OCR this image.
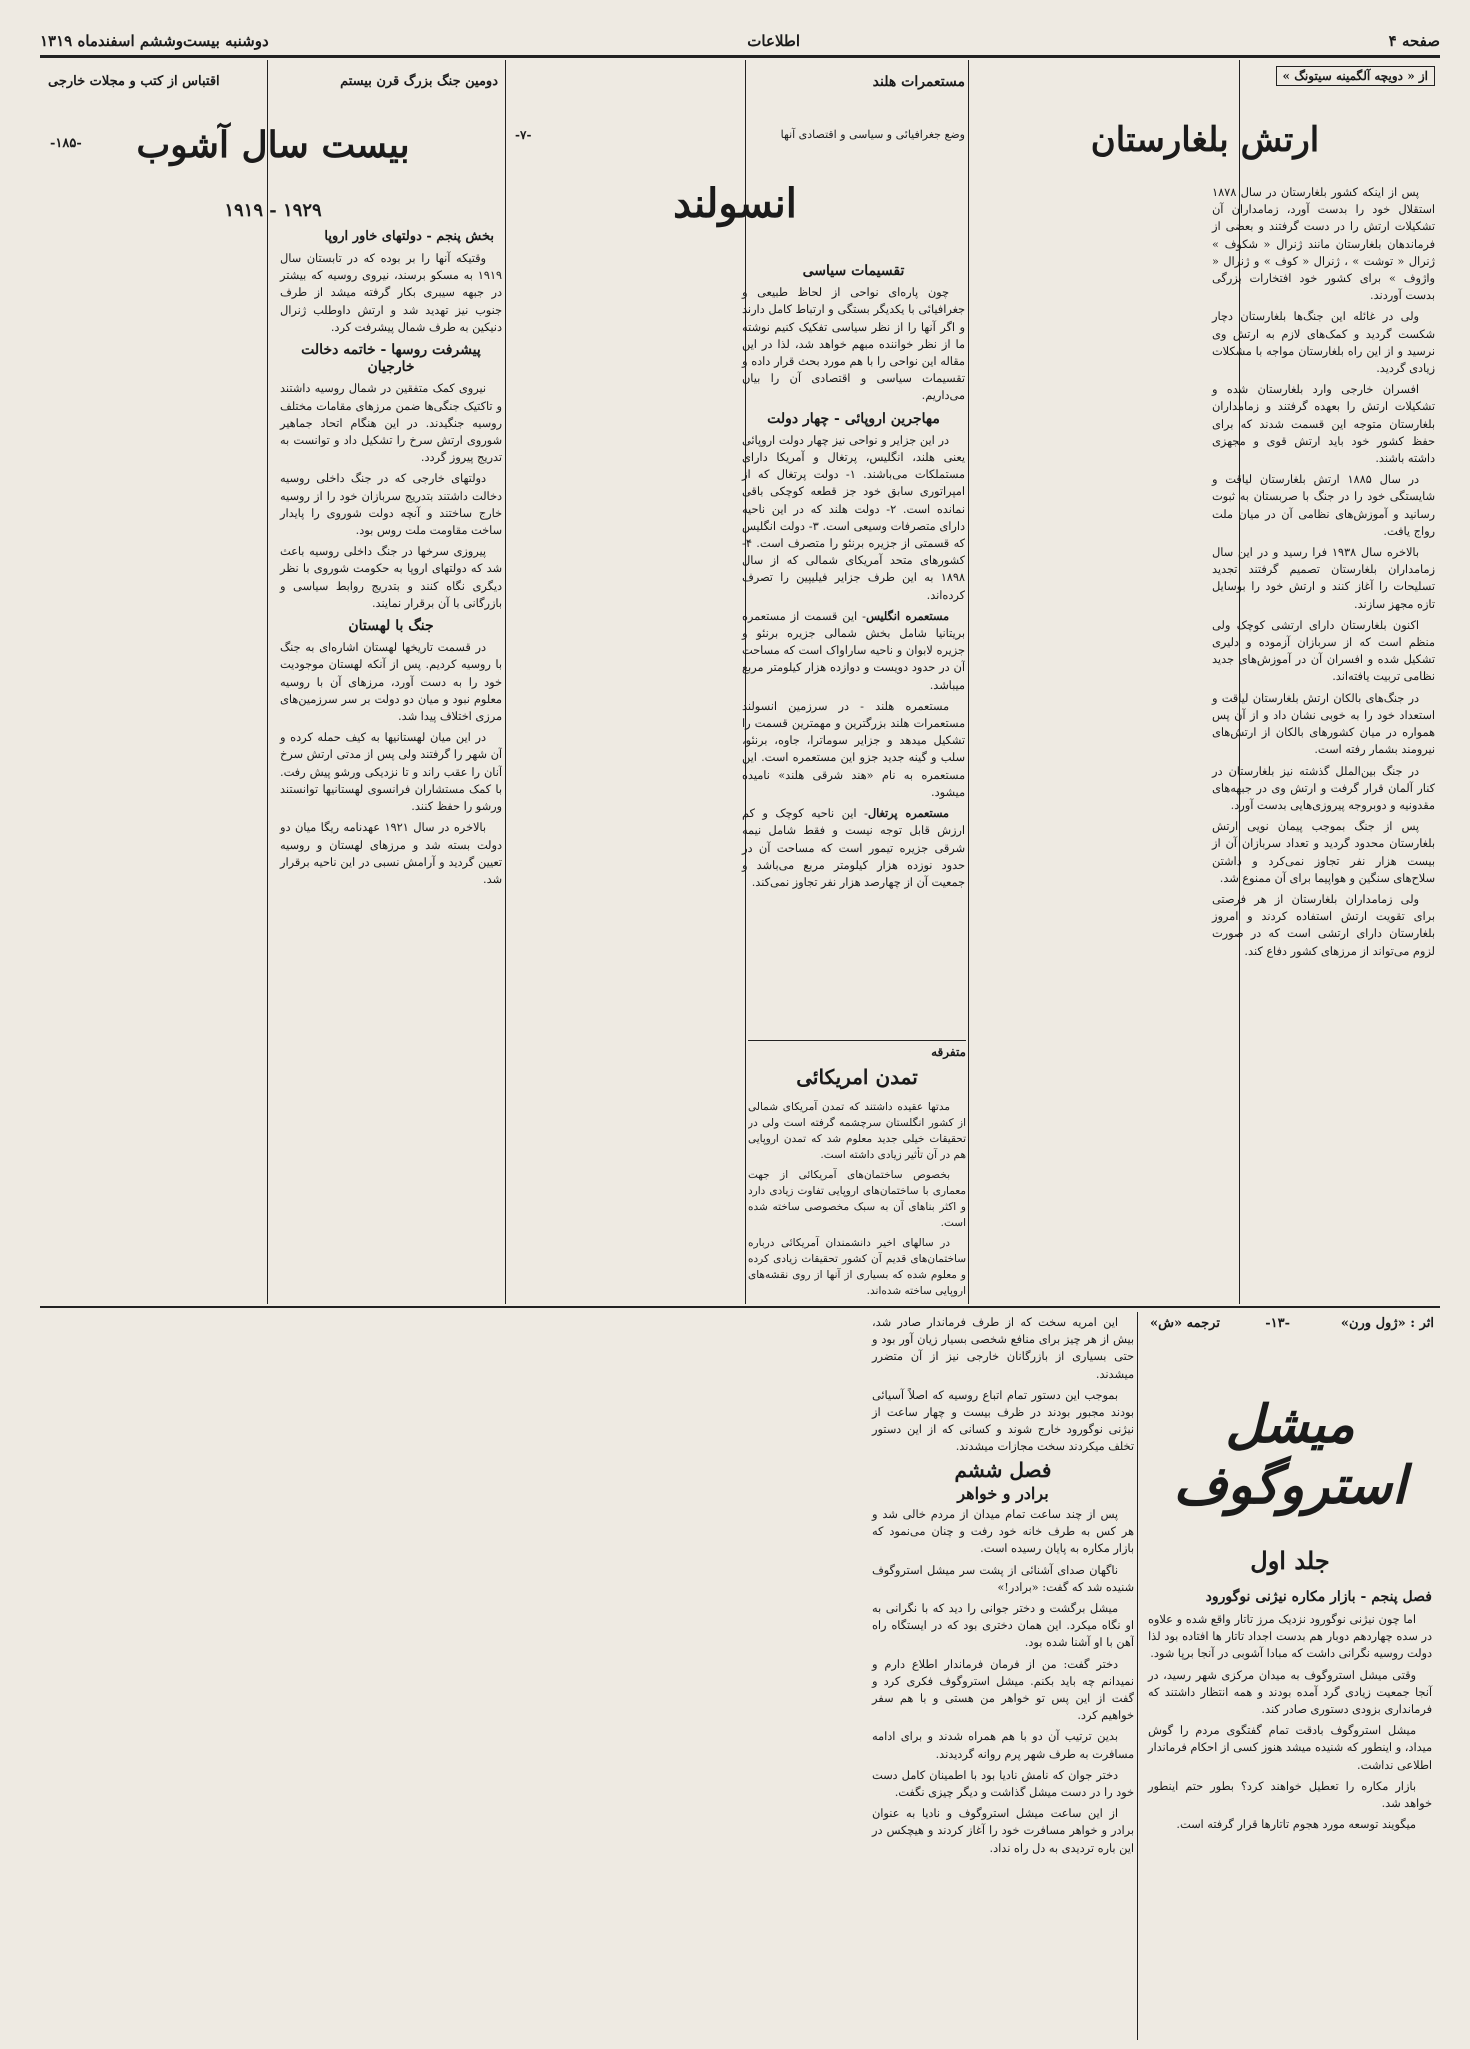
صفحه ۴
اطلاعات
دوشنبه بیست‌وششم اسفندماه ۱۳۱۹
از « دویچه آلگمینه سیتونگ »
ارتش بلغارستان

پس از اینکه کشور بلغارستان در سال ۱۸۷۸ استقلال خود را بدست آورد، زمامداران آن تشکیلات ارتش را در دست گرفتند و بعضی از فرماندهان بلغارستان مانند ژنرال « شکوف » ژنرال « توشت » ، ژنرال « کوف » و ژنرال « واژوف » برای کشور خود افتخارات بزرگی بدست آوردند.

ولی در غائله این جنگ‌ها بلغارستان دچار شکست گردید و کمک‌های لازم به ارتش وی نرسید و از این راه بلغارستان مواجه با مشکلات زیادی گردید.

افسران خارجی وارد بلغارستان شده و تشکیلات ارتش را بعهده گرفتند و زمامداران بلغارستان متوجه این قسمت شدند که برای حفظ کشور خود باید ارتش قوی و مجهزی داشته باشند.

در سال ۱۸۸۵ ارتش بلغارستان لیاقت و شایستگی خود را در جنگ با صربستان به ثبوت رسانید و آموزش‌های نظامی آن در میان ملت رواج یافت.

بالاخره سال ۱۹۳۸ فرا رسید و در این سال زمامداران بلغارستان تصمیم گرفتند تجدید تسلیحات را آغاز کنند و ارتش خود را بوسایل تازه مجهز سازند.

اکنون بلغارستان دارای ارتشی کوچک ولی منظم است که از سربازان آزموده و دلیری تشکیل شده و افسران آن در آموزش‌های جدید نظامی تربیت یافته‌اند.

در جنگ‌های بالکان ارتش بلغارستان لیاقت و استعداد خود را به خوبی نشان داد و از آن پس همواره در میان کشورهای بالکان از ارتش‌های نیرومند بشمار رفته است.

در جنگ بین‌الملل گذشته نیز بلغارستان در کنار آلمان قرار گرفت و ارتش وی در جبهه‌های مقدونیه و دوبروجه پیروزی‌هایی بدست آورد.

پس از جنگ بموجب پیمان نویی ارتش بلغارستان محدود گردید و تعداد سربازان آن از بیست هزار نفر تجاوز نمی‌کرد و داشتن سلاح‌های سنگین و هواپیما برای آن ممنوع شد.

ولی زمامداران بلغارستان از هر فرصتی برای تقویت ارتش استفاده کردند و امروز بلغارستان دارای ارتشی است که در صورت لزوم می‌تواند از مرزهای کشور دفاع کند.

مستعمرات هلند
وضع جغرافیائی و سیاسی و اقتصادی آنها
-۷-
انسولند
تقسیمات سیاسی

چون پاره‌ای نواحی از لحاظ طبیعی و جغرافیائی با یکدیگر بستگی و ارتباط کامل دارند و اگر آنها را از نظر سیاسی تفکیک کنیم نوشته ما از نظر خواننده مبهم خواهد شد، لذا در این مقاله این نواحی را با هم مورد بحث قرار داده و تقسیمات سیاسی و اقتصادی آن را بیان می‌داریم.

مهاجرین اروپائی - چهار دولت

در این جزایر و نواحی نیز چهار دولت اروپائی یعنی هلند، انگلیس، پرتغال و آمریکا دارای مستملکات می‌باشند. ۱- دولت پرتغال که از امپراتوری سابق خود جز قطعه کوچکی باقی نمانده است. ۲- دولت هلند که در این ناحیه دارای متصرفات وسیعی است. ۳- دولت انگلیس که قسمتی از جزیره برنئو را متصرف است. ۴- کشورهای متحد آمریکای شمالی که از سال ۱۸۹۸ به این طرف جزایر فیلیپین را تصرف کرده‌اند.

مستعمره انگلیس- این قسمت از مستعمره بریتانیا شامل بخش شمالی جزیره برنئو و جزیره لابوان و ناحیه ساراواک است که مساحت آن در حدود دویست و دوازده هزار کیلومتر مربع میباشد.

مستعمره هلند - در سرزمین انسولند مستعمرات هلند بزرگترین و مهمترین قسمت را تشکیل میدهد و جزایر سوماترا، جاوه، برنئو، سلب و گینه جدید جزو این مستعمره است. این مستعمره به نام «هند شرقی هلند» نامیده میشود.

مستعمره پرتغال- این ناحیه کوچک و کم ارزش قابل توجه نیست و فقط شامل نیمه شرقی جزیره تیمور است که مساحت آن در حدود نوزده هزار کیلومتر مربع می‌باشد و جمعیت آن از چهارصد هزار نفر تجاوز نمی‌کند.

دومین جنگ بزرگ قرن بیستم
اقتباس از کتب و مجلات خارجی
بیست سال آشوب
-۱۸۵-
۱۹۲۹ - ۱۹۱۹
بخش پنجم - دولتهای خاور اروپا

وقتیکه آنها را بر بوده که در تابستان سال ۱۹۱۹ به مسکو برسند، نیروی روسیه که بیشتر در جبهه سیبری بکار گرفته میشد از طرف جنوب نیز تهدید شد و ارتش داوطلب ژنرال دنیکین به طرف شمال پیشرفت کرد.

پیشرفت روسها - خاتمه دخالت خارجیان

نیروی کمک متفقین در شمال روسیه داشتند و تاکتیک جنگی‌ها ضمن مرزهای مقامات مختلف روسیه جنگیدند. در این هنگام اتحاد جماهیر شوروی ارتش سرخ را تشکیل داد و توانست به تدریج پیروز گردد.

دولتهای خارجی که در جنگ داخلی روسیه دخالت داشتند بتدریج سربازان خود را از روسیه خارج ساختند و آنچه دولت شوروی را پایدار ساخت مقاومت ملت روس بود.

پیروزی سرخها در جنگ داخلی روسیه باعث شد که دولتهای اروپا به حکومت شوروی با نظر دیگری نگاه کنند و بتدریج روابط سیاسی و بازرگانی با آن برقرار نمایند.

جنگ با لهستان

در قسمت تاریخها لهستان اشاره‌ای به جنگ با روسیه کردیم. پس از آنکه لهستان موجودیت خود را به دست آورد، مرزهای آن با روسیه معلوم نبود و میان دو دولت بر سر سرزمین‌های مرزی اختلاف پیدا شد.

در این میان لهستانیها به کیف حمله کرده و آن شهر را گرفتند ولی پس از مدتی ارتش سرخ آنان را عقب راند و تا نزدیکی ورشو پیش رفت. با کمک مستشاران فرانسوی لهستانیها توانستند ورشو را حفظ کنند.

بالاخره در سال ۱۹۲۱ عهدنامه ریگا میان دو دولت بسته شد و مرزهای لهستان و روسیه تعیین گردید و آرامش نسبی در این ناحیه برقرار شد.

متفرقه
تمدن امریکائی

مدتها عقیده داشتند که تمدن آمریکای شمالی از کشور انگلستان سرچشمه گرفته است ولی در تحقیقات خیلی جدید معلوم شد که تمدن اروپایی هم در آن تأثیر زیادی داشته است.

بخصوص ساختمان‌های آمریکائی از جهت معماری با ساختمان‌های اروپایی تفاوت زیادی دارد و اکثر بناهای آن به سبک مخصوصی ساخته شده است.

در سالهای اخیر دانشمندان آمریکائی درباره ساختمان‌های قدیم آن کشور تحقیقات زیادی کرده و معلوم شده که بسیاری از آنها از روی نقشه‌های اروپایی ساخته شده‌اند.

اثر : «ژول ورن»
-۱۳-
ترجمه «ش»
میشل استروگوف
جلد اول
فصل پنجم - بازار مکاره نیژنی نوگورود

اما چون نیژنی نوگورود نزدیک مرز تاتار واقع شده و علاوه در سده چهاردهم دوبار هم بدست اجداد تاتار ها افتاده بود لذا دولت روسیه نگرانی داشت که مبادا آشوبی در آنجا برپا شود.

وقتی میشل استروگوف به میدان مرکزی شهر رسید، در آنجا جمعیت زیادی گرد آمده بودند و همه انتظار داشتند که فرمانداری بزودی دستوری صادر کند.

میشل استروگوف بادقت تمام گفتگوی مردم را گوش میداد، و اینطور که شنیده میشد هنوز کسی از احکام فرماندار اطلاعی نداشت.

بازار مکاره را تعطیل خواهند کرد؟ بطور حتم اینطور خواهد شد.

میگویند توسعه مورد هجوم تاتارها قرار گرفته است.

این امریه سخت که از طرف فرماندار صادر شد، بیش از هر چیز برای منافع شخصی بسیار زیان آور بود و حتی بسیاری از بازرگانان خارجی نیز از آن متضرر میشدند.

بموجب این دستور تمام اتباع روسیه که اصلاً آسیائی بودند مجبور بودند در ظرف بیست و چهار ساعت از نیژنی نوگورود خارج شوند و کسانی که از این دستور تخلف میکردند سخت مجازات میشدند.

فصل ششم
برادر و خواهر

پس از چند ساعت تمام میدان از مردم خالی شد و هر کس به طرف خانه خود رفت و چنان می‌نمود که بازار مکاره به پایان رسیده است.

ناگهان صدای آشنائی از پشت سر میشل استروگوف شنیده شد که گفت: «برادر!»

میشل برگشت و دختر جوانی را دید که با نگرانی به او نگاه میکرد. این همان دختری بود که در ایستگاه راه آهن با او آشنا شده بود.

دختر گفت: من از فرمان فرماندار اطلاع دارم و نمیدانم چه باید بکنم. میشل استروگوف فکری کرد و گفت از این پس تو خواهر من هستی و با هم سفر خواهیم کرد.

بدین ترتیب آن دو با هم همراه شدند و برای ادامه مسافرت به طرف شهر پرم روانه گردیدند.

دختر جوان که نامش نادیا بود با اطمینان کامل دست خود را در دست میشل گذاشت و دیگر چیزی نگفت.

از این ساعت میشل استروگوف و نادیا به عنوان برادر و خواهر مسافرت خود را آغاز کردند و هیچکس در این باره تردیدی به دل راه نداد.
